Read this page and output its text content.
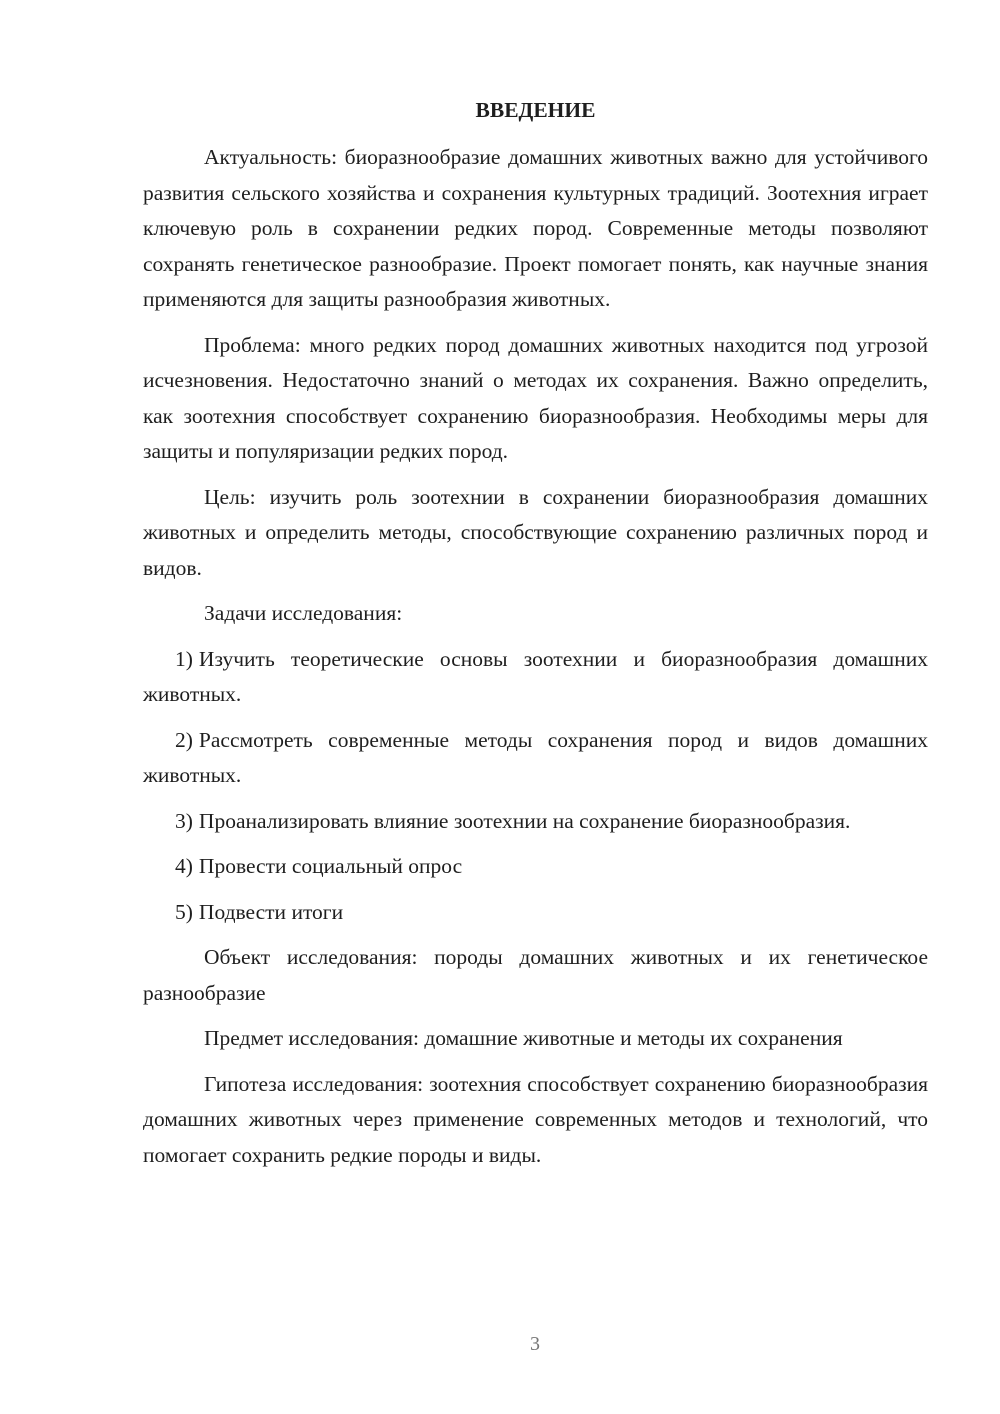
ВВЕДЕНИЕ

Актуальность: биоразнообразие домашних животных важно для устойчивого развития сельского хозяйства и сохранения культурных традиций. Зоотехния играет ключевую роль в сохранении редких пород. Современные методы позволяют сохранять генетическое разнообразие. Проект помогает понять, как научные знания применяются для защиты разнообразия животных.

Проблема: много редких пород домашних животных находится под угрозой исчезновения. Недостаточно знаний о методах их сохранения. Важно определить, как зоотехния способствует сохранению биоразнообразия. Необходимы меры для защиты и популяризации редких пород.

Цель: изучить роль зоотехнии в сохранении биоразнообразия домашних животных и определить методы, способствующие сохранению различных пород и видов.

Задачи исследования:

1) Изучить теоретические основы зоотехнии и биоразнообразия домашних животных.

2) Рассмотреть современные методы сохранения пород и видов домашних животных.

3) Проанализировать влияние зоотехнии на сохранение биоразнообразия.

4) Провести социальный опрос

5) Подвести итоги

Объект исследования: породы домашних животных и их генетическое разнообразие

Предмет исследования: домашние животные и методы их сохранения

Гипотеза исследования: зоотехния способствует сохранению биоразнообразия домашних животных через применение современных методов и технологий, что помогает сохранить редкие породы и виды.

3
